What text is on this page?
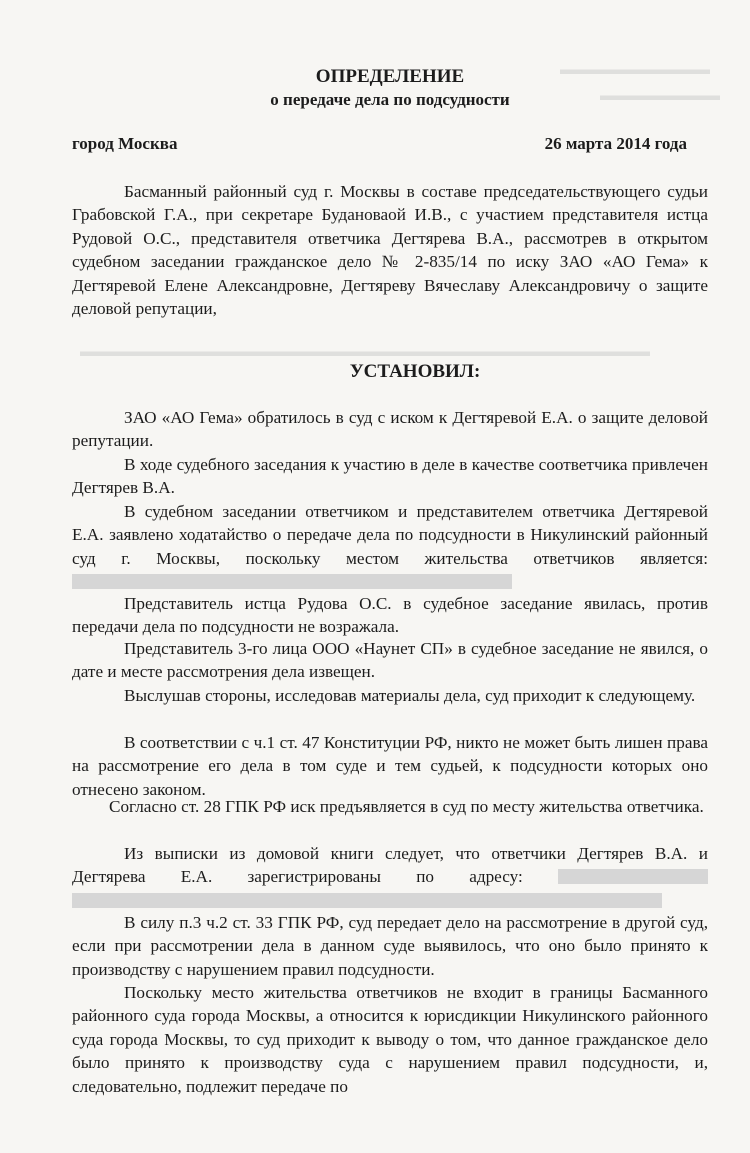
▬▬▬▬▬▬▬▬▬▬
▬▬▬▬▬▬▬▬
▬▬▬▬▬▬▬▬▬▬▬▬▬▬▬▬▬▬▬▬▬▬▬▬▬▬▬▬▬▬▬▬▬▬▬▬▬▬
ОПРЕДЕЛЕНИЕ
о передаче дела по подсудности
город Москва	26 марта 2014 года
Басманный районный суд г. Москвы в составе председательствующего судьи Грабовской Г.А., при секретаре Будановаой И.В., с участием представителя истца Рудовой О.С., представителя ответчика Дегтярева В.А., рассмотрев в открытом судебном заседании гражданское дело № 2-835/14 по иску ЗАО «АО Гема» к Дегтяревой Елене Александровне, Дегтяреву Вячеславу Александровичу о защите деловой репутации,
УСТАНОВИЛ:
ЗАО «АО Гема» обратилось в суд с иском к Дегтяревой Е.А. о защите деловой репутации.
В ходе судебного заседания к участию в деле в качестве соответчика привлечен Дегтярев В.А.
В судебном заседании ответчиком и представителем ответчика Дегтяревой Е.А. заявлено ходатайство о передаче дела по подсудности в Никулинский районный суд г. Москвы, поскольку местом жительства ответчиков является:
Представитель истца Рудова О.С. в судебное заседание явилась, против передачи дела по подсудности не возражала.
Представитель 3-го лица ООО «Наунет СП» в судебное заседание не явился, о дате и месте рассмотрения дела извещен.
Выслушав стороны, исследовав материалы дела, суд приходит к следующему.
В соответствии с ч.1 ст. 47 Конституции РФ, никто не может быть лишен права на рассмотрение его дела в том суде и тем судьей, к подсудности которых оно отнесено законом.
Согласно ст. 28 ГПК РФ иск предъявляется в суд по месту жительства ответчика.
Из выписки из домовой книги следует, что ответчики Дегтярев В.А. и Дегтярева Е.А. зарегистрированы по адресу:
В силу п.3 ч.2 ст. 33 ГПК РФ, суд передает дело на рассмотрение в другой суд, если при рассмотрении дела в данном суде выявилось, что оно было принято к производству с нарушением правил подсудности.
Поскольку место жительства ответчиков не входит в границы Басманного районного суда города Москвы, а относится к юрисдикции Никулинского районного суда города Москвы, то суд приходит к выводу о том, что данное гражданское дело было принято к производству суда с нарушением правил подсудности, и, следовательно, подлежит передаче по
